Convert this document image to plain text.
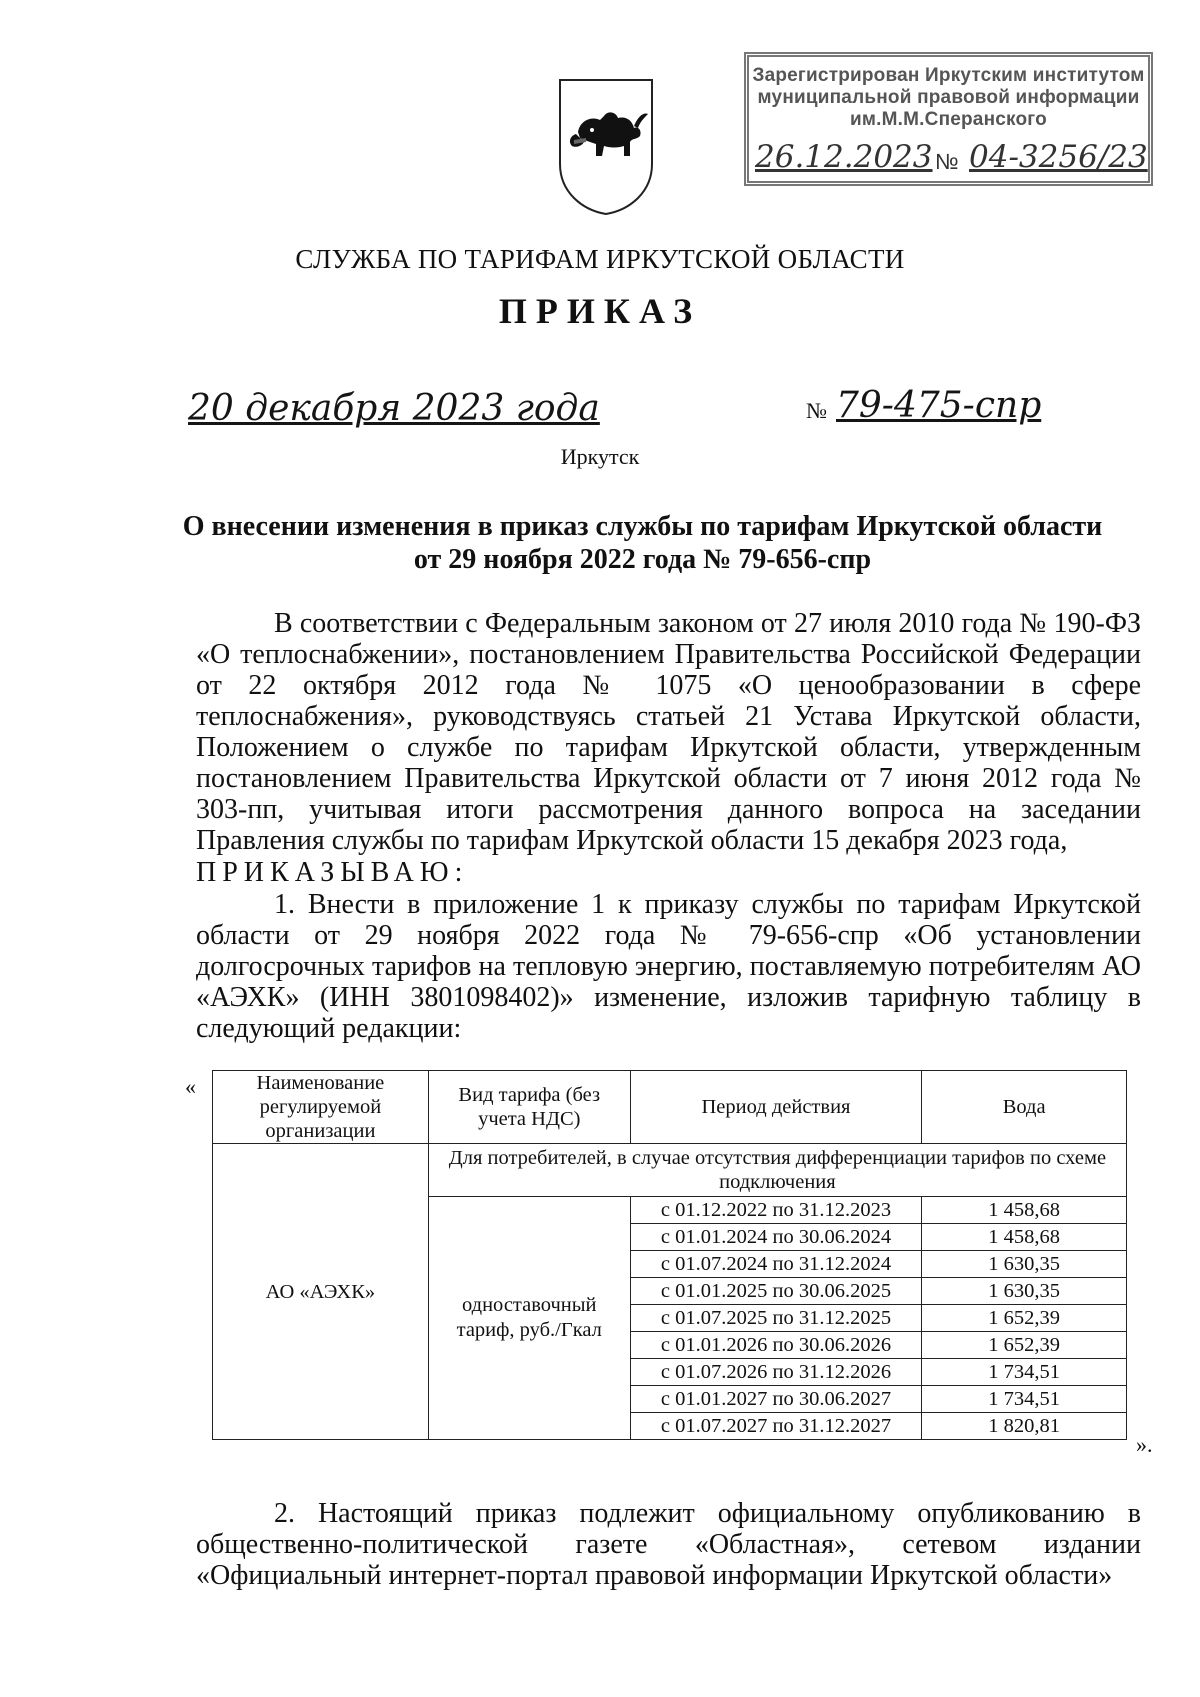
Зарегистрирован Иркутским институтом
муниципальной правовой информации
им.М.М.Сперанского
26.12.2023 № 04-3256/23
СЛУЖБА ПО ТАРИФАМ ИРКУТСКОЙ ОБЛАСТИ
ПРИКАЗ
20 декабря 2023 года	№ 79-475-спр
Иркутск
О внесении изменения в приказ службы по тарифам Иркутской области
от 29 ноября 2022 года № 79-656-спр
В соответствии с Федеральным законом от 27 июля 2010 года № 190-ФЗ «О теплоснабжении», постановлением Правительства Российской Федерации от 22 октября 2012 года № 1075 «О ценообразовании в сфере теплоснабжения», руководствуясь статьей 21 Устава Иркутской области, Положением о службе по тарифам Иркутской области, утвержденным постановлением Правительства Иркутской области от 7 июня 2012 года № 303-пп, учитывая итоги рассмотрения данного вопроса на заседании Правления службы по тарифам Иркутской области 15 декабря 2023 года,
ПРИКАЗЫВАЮ:
1. Внести в приложение 1 к приказу службы по тарифам Иркутской области от 29 ноября 2022 года № 79-656-спр «Об установлении долгосрочных тарифов на тепловую энергию, поставляемую потребителям АО «АЭХК» (ИНН 3801098402)» изменение, изложив тарифную таблицу в следующий редакции:
«	Наименование регулируемой организации	Вид тарифа (без учета НДС)	Период действия	Вода
АО «АЭХК»	Для потребителей, в случае отсутствия дифференциации тарифов по схеме подключения		
	одноставочный тариф, руб./Гкал	с 01.12.2022 по 31.12.2023	1 458,68
		с 01.01.2024 по 30.06.2024	1 458,68
		с 01.07.2024 по 31.12.2024	1 630,35
		с 01.01.2025 по 30.06.2025	1 630,35
		с 01.07.2025 по 31.12.2025	1 652,39
		с 01.01.2026 по 30.06.2026	1 652,39
		с 01.07.2026 по 31.12.2026	1 734,51
		с 01.01.2027 по 30.06.2027	1 734,51
		с 01.07.2027 по 31.12.2027	1 820,81
».
2. Настоящий приказ подлежит официальному опубликованию в общественно-политической газете «Областная», сетевом издании «Официальный интернет-портал правовой информации Иркутской области»
